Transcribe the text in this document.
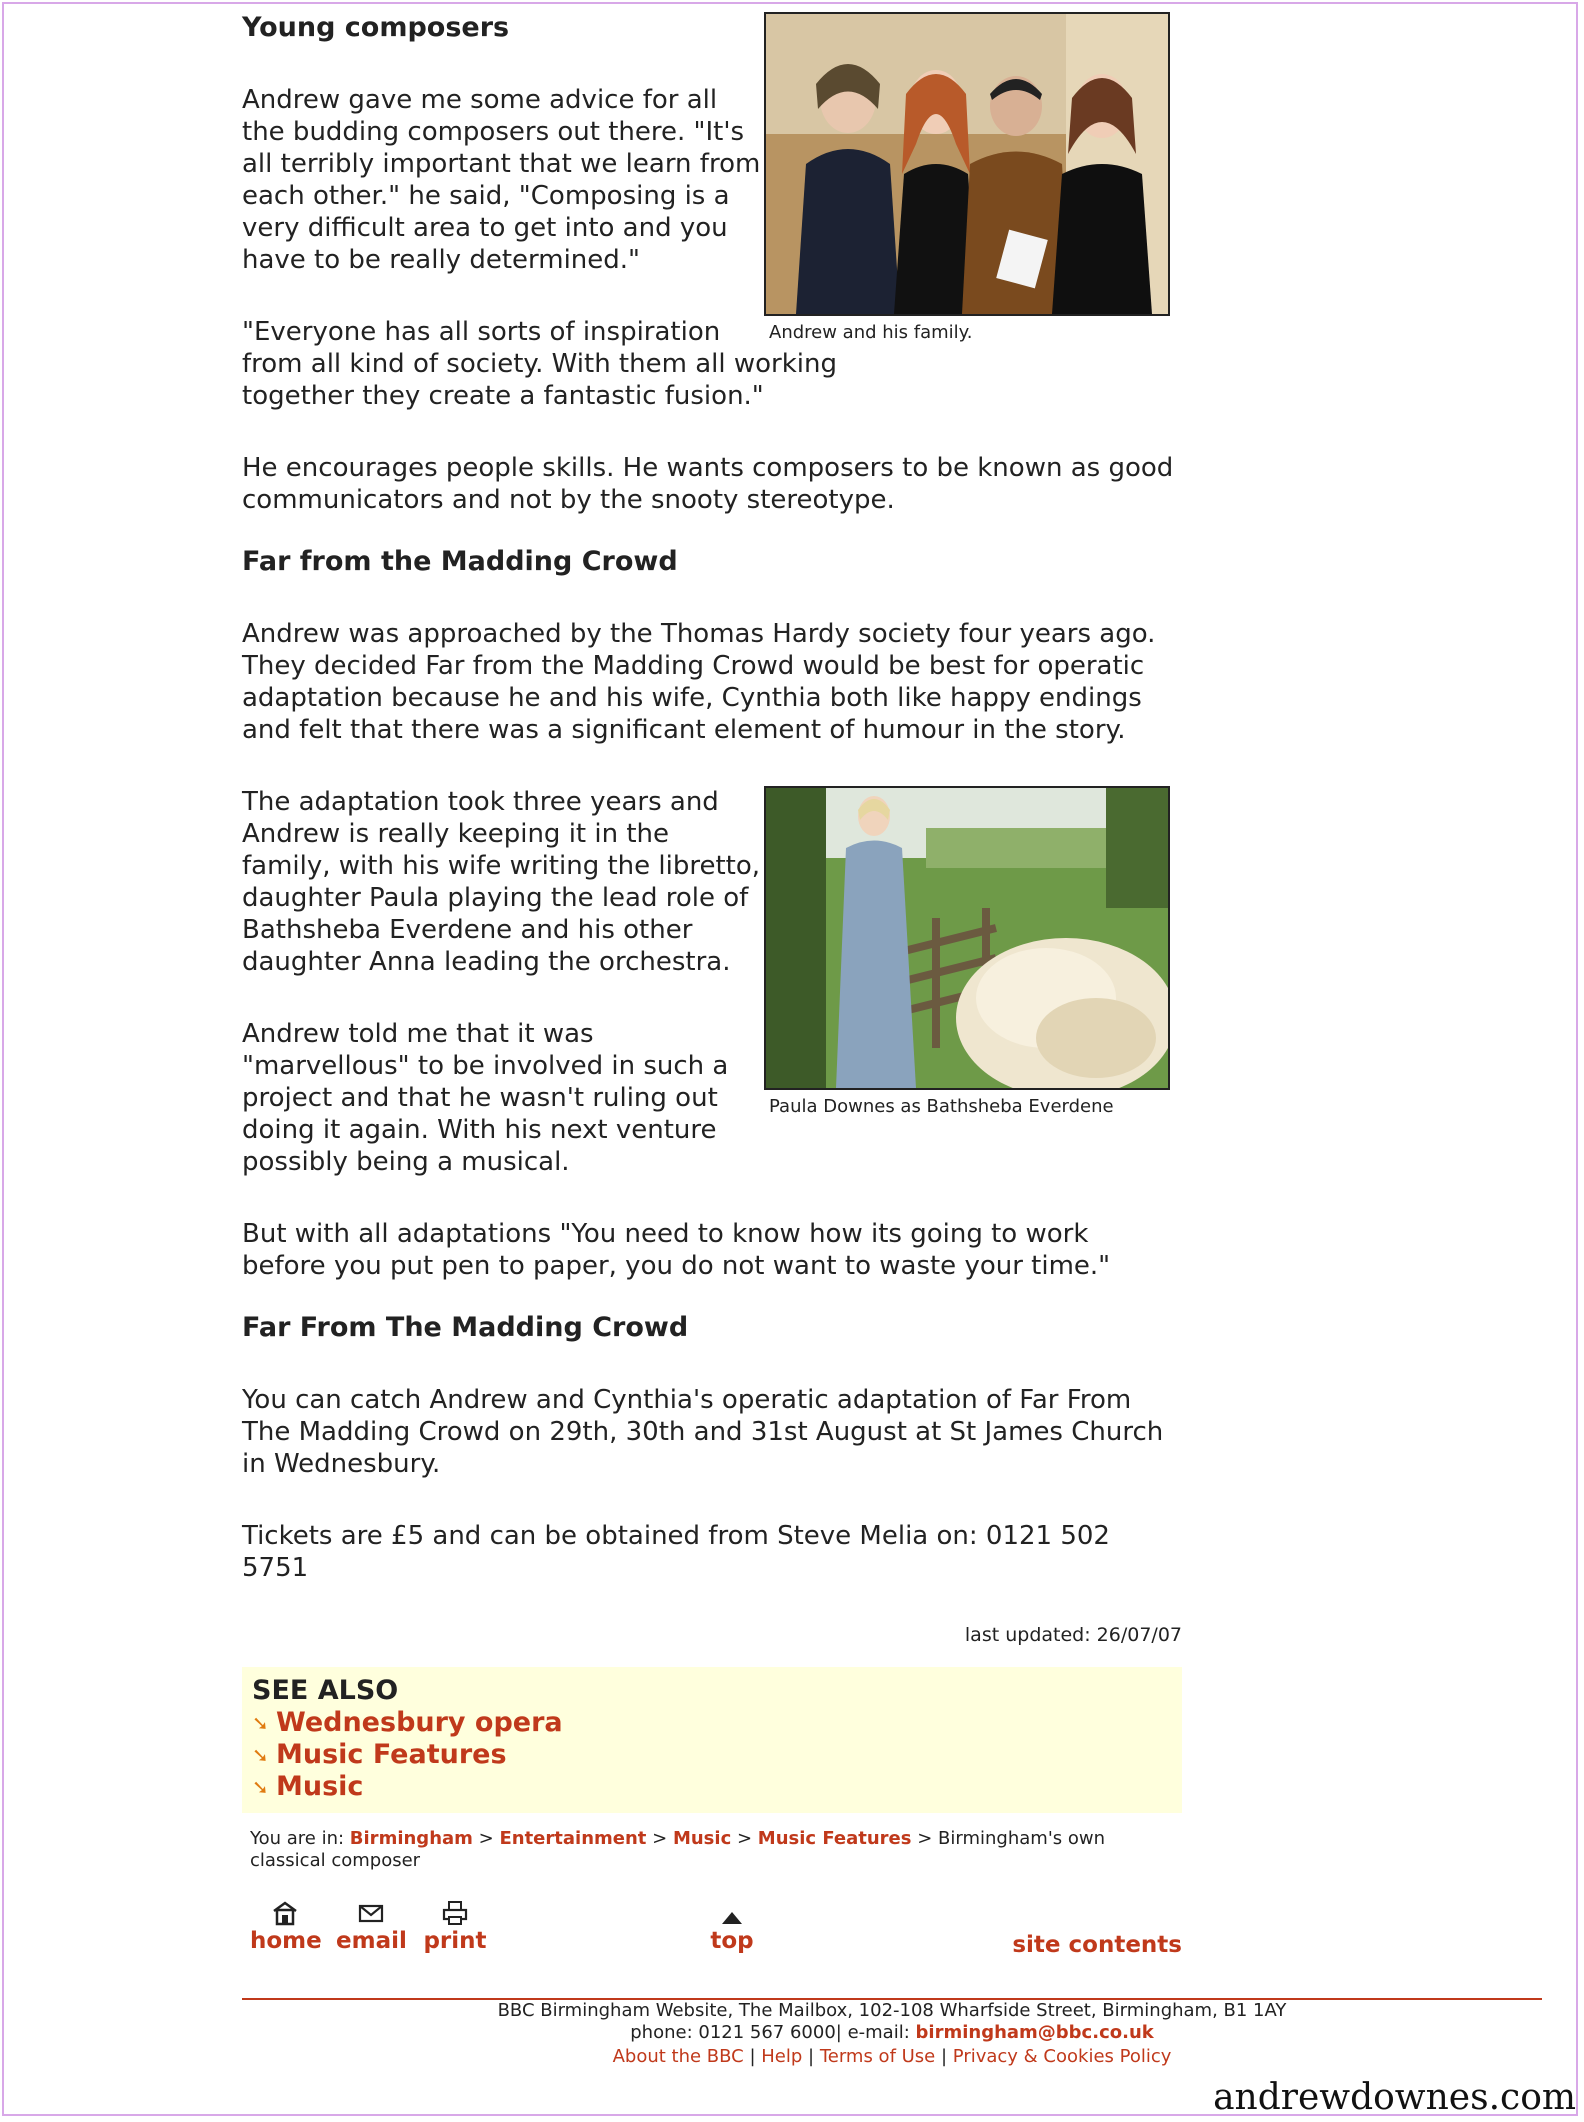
Young composers

Andrew gave me some advice for all the budding composers out there. "It's all terribly important that we learn from each other." he said, "Composing is a very difficult area to get into and you have to be really determined."

Andrew and his family.

"Everyone has all sorts of inspiration

from all kind of society. With them all working together they create a fantastic fusion."

He encourages people skills. He wants composers to be known as good communicators and not by the snooty stereotype.

Far from the Madding Crowd

Andrew was approached by the Thomas Hardy society four years ago. They decided Far from the Madding Crowd would be best for operatic adaptation because he and his wife, Cynthia both like happy endings and felt that there was a significant element of humour in the story.

Paula Downes as Bathsheba Everdene

The adaptation took three years and Andrew is really keeping it in the family, with his wife writing the libretto, daughter Paula playing the lead role of Bathsheba Everdene and his other daughter Anna leading the orchestra.

Andrew told me that it was "marvellous" to be involved in such a project and that he wasn't ruling out doing it again. With his next venture possibly being a musical.

But with all adaptations "You need to know how its going to work before you put pen to paper, you do not want to waste your time."

Far From The Madding Crowd

You can catch Andrew and Cynthia's operatic adaptation of Far From The Madding Crowd on 29th, 30th and 31st August at St James Church in Wednesbury.

Tickets are £5 and can be obtained from Steve Melia on: 0121 502 5751

last updated: 26/07/07
SEE ALSO
➘ Wednesbury opera
➘ Music Features
➘ Music
You are in: Birmingham > Entertainment > Music > Music Features > Birmingham's own classical composer
home email print	top	site contents
BBC Birmingham Website, The Mailbox, 102-108 Wharfside Street, Birmingham, B1 1AY
phone: 0121 567 6000| e-mail: birmingham@bbc.co.uk
About the BBC | Help | Terms of Use | Privacy & Cookies Policy
andrewdownes.com
